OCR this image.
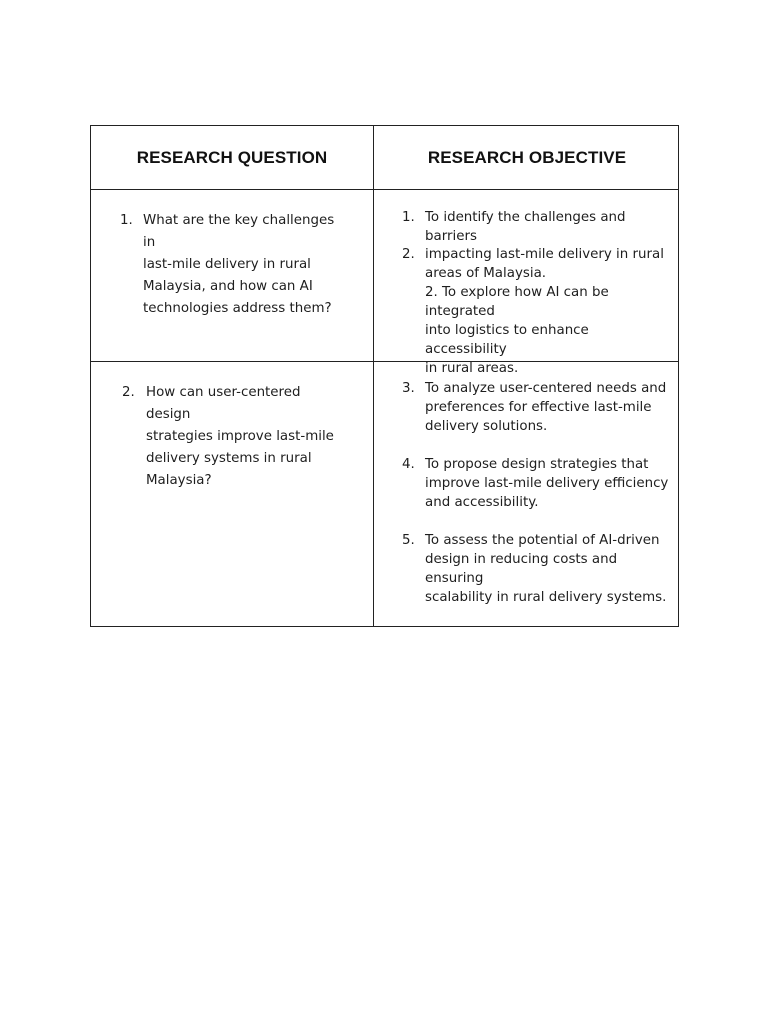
RESEARCH QUESTION	RESEARCH OBJECTIVE
1. What are the key challenges in
last-mile delivery in rural
Malaysia, and how can AI
technologies address them?
2. How can user-centered design
strategies improve last-mile
delivery systems in rural
Malaysia?
1. To identify the challenges and barriers
2. impacting last-mile delivery in rural
areas of Malaysia.
2. To explore how AI can be integrated
into logistics to enhance accessibility
in rural areas.
3. To analyze user-centered needs and
preferences for effective last-mile
delivery solutions.
4. To propose design strategies that
improve last-mile delivery efficiency
and accessibility.
5. To assess the potential of AI-driven
design in reducing costs and ensuring
scalability in rural delivery systems.
